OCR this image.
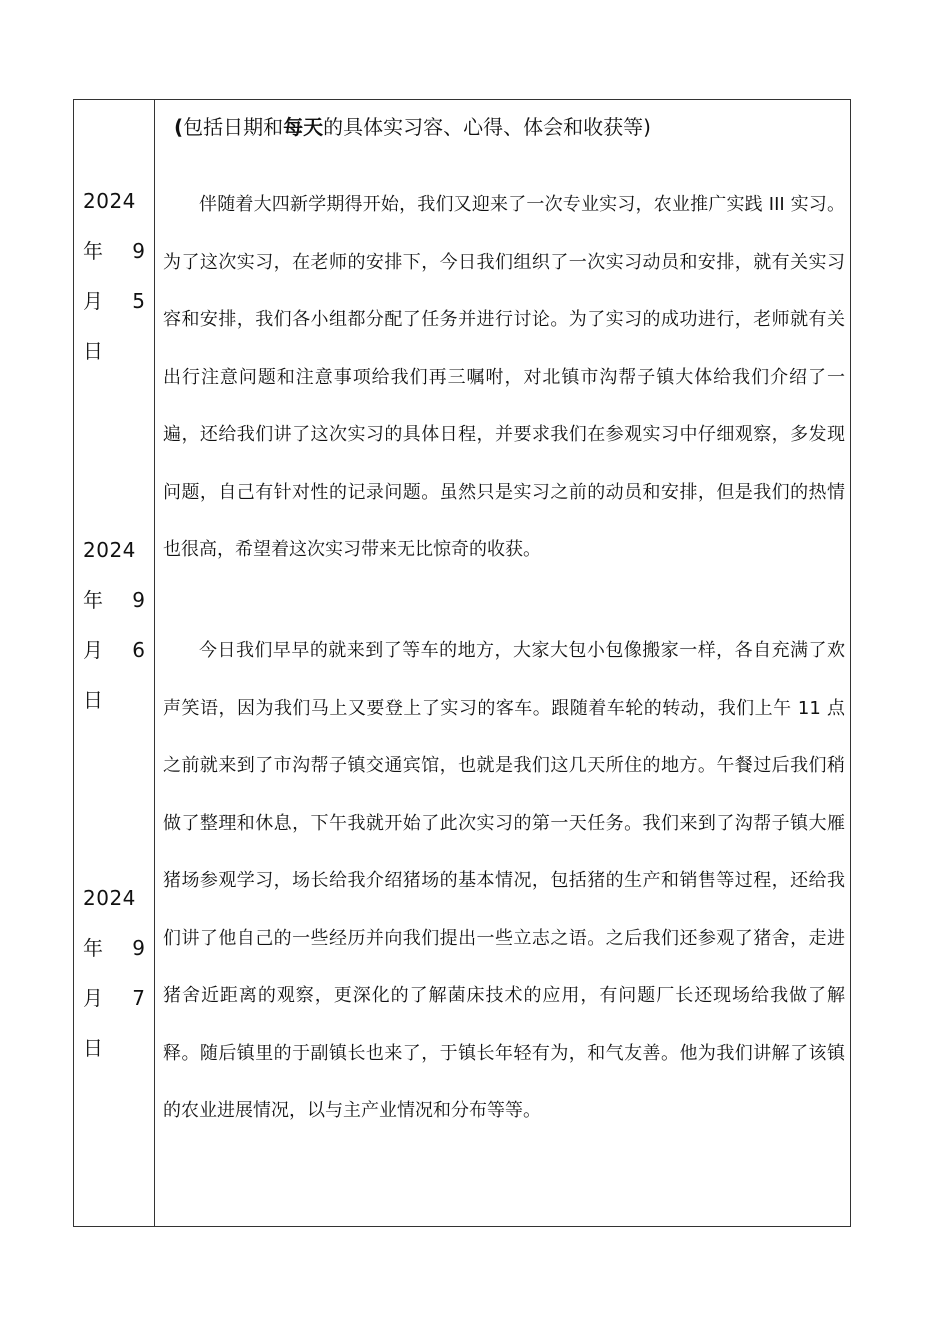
2024
年 9
月 5
日
2024
年 9
月 6
日
2024
年 9
月 7
日
(包括日期和每天的具体实习容、心得、体会和收获等)

伴随着大四新学期得开始，我们又迎来了一次专业实习，农业推广实践 III 实习。为了这次实习，在老师的安排下，今日我们组织了一次实习动员和安排，就有关实习容和安排，我们各小组都分配了任务并进行讨论。为了实习的成功进行，老师就有关出行注意问题和注意事项给我们再三嘱咐，对北镇市沟帮子镇大体给我们介绍了一遍，还给我们讲了这次实习的具体日程，并要求我们在参观实习中仔细观察，多发现问题，自己有针对性的记录问题。虽然只是实习之前的动员和安排，但是我们的热情也很高，希望着这次实习带来无比惊奇的收获。

今日我们早早的就来到了等车的地方，大家大包小包像搬家一样，各自充满了欢声笑语，因为我们马上又要登上了实习的客车。跟随着车轮的转动，我们上午 11 点之前就来到了市沟帮子镇交通宾馆，也就是我们这几天所住的地方。午餐过后我们稍做了整理和休息，下午我就开始了此次实习的第一天任务。我们来到了沟帮子镇大雁猪场参观学习，场长给我介绍猪场的基本情况，包括猪的生产和销售等过程，还给我们讲了他自己的一些经历并向我们提出一些立志之语。之后我们还参观了猪舍，走进猪舍近距离的观察，更深化的了解菌床技术的应用，有问题厂长还现场给我做了解释。随后镇里的于副镇长也来了，于镇长年轻有为，和气友善。他为我们讲解了该镇的农业进展情况，以与主产业情况和分布等等。
